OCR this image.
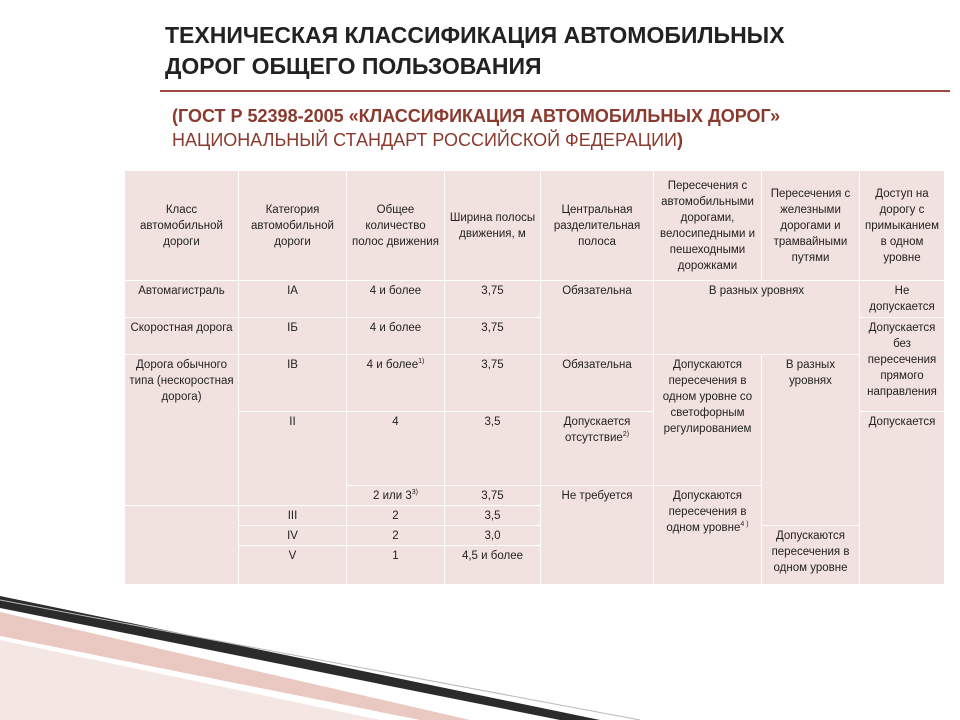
ТЕХНИЧЕСКАЯ КЛАССИФИКАЦИЯ АВТОМОБИЛЬНЫХ
ДОРОГ ОБЩЕГО ПОЛЬЗОВАНИЯ
(ГОСТ Р 52398-2005 «КЛАССИФИКАЦИЯ АВТОМОБИЛЬНЫХ ДОРОГ»
НАЦИОНАЛЬНЫЙ СТАНДАРТ РОССИЙСКОЙ ФЕДЕРАЦИИ)
Класс автомобильной дороги
Категория автомобильной дороги
Общее количество полос движения
Ширина полосы движения, м
Центральная разделительная полоса
Пересечения с автомобильными дорогами, велосипедными и пешеходными дорожками
Пересечения с железными дорогами и трамвайными путями
Доступ на дорогу с примыканием в одном уровне
Автомагистраль
Скоростная дорога
Дорога обычного типа (нескоростная дорога)
IА
IБ
IВ
II
III
IV
V
4 и более
4 и более
4 и более$^{1)}$
4
2 или 3$^{3)}$
2
2
1
3,75
3,75
3,75
3,5
3,75
3,5
3,0
4,5 и более
Обязательна
Обязательна
Допускается отсутствие$^{2)}$
Не требуется
В разных уровнях
Допускаются пересечения в одном уровне со светофорным регулированием
Допускаются пересечения в одном уровне$^{4 )}$
В разных уровнях
Допускаются пересечения в одном уровне
Не допускается
Допускается без пересечения прямого направления
Допускается
